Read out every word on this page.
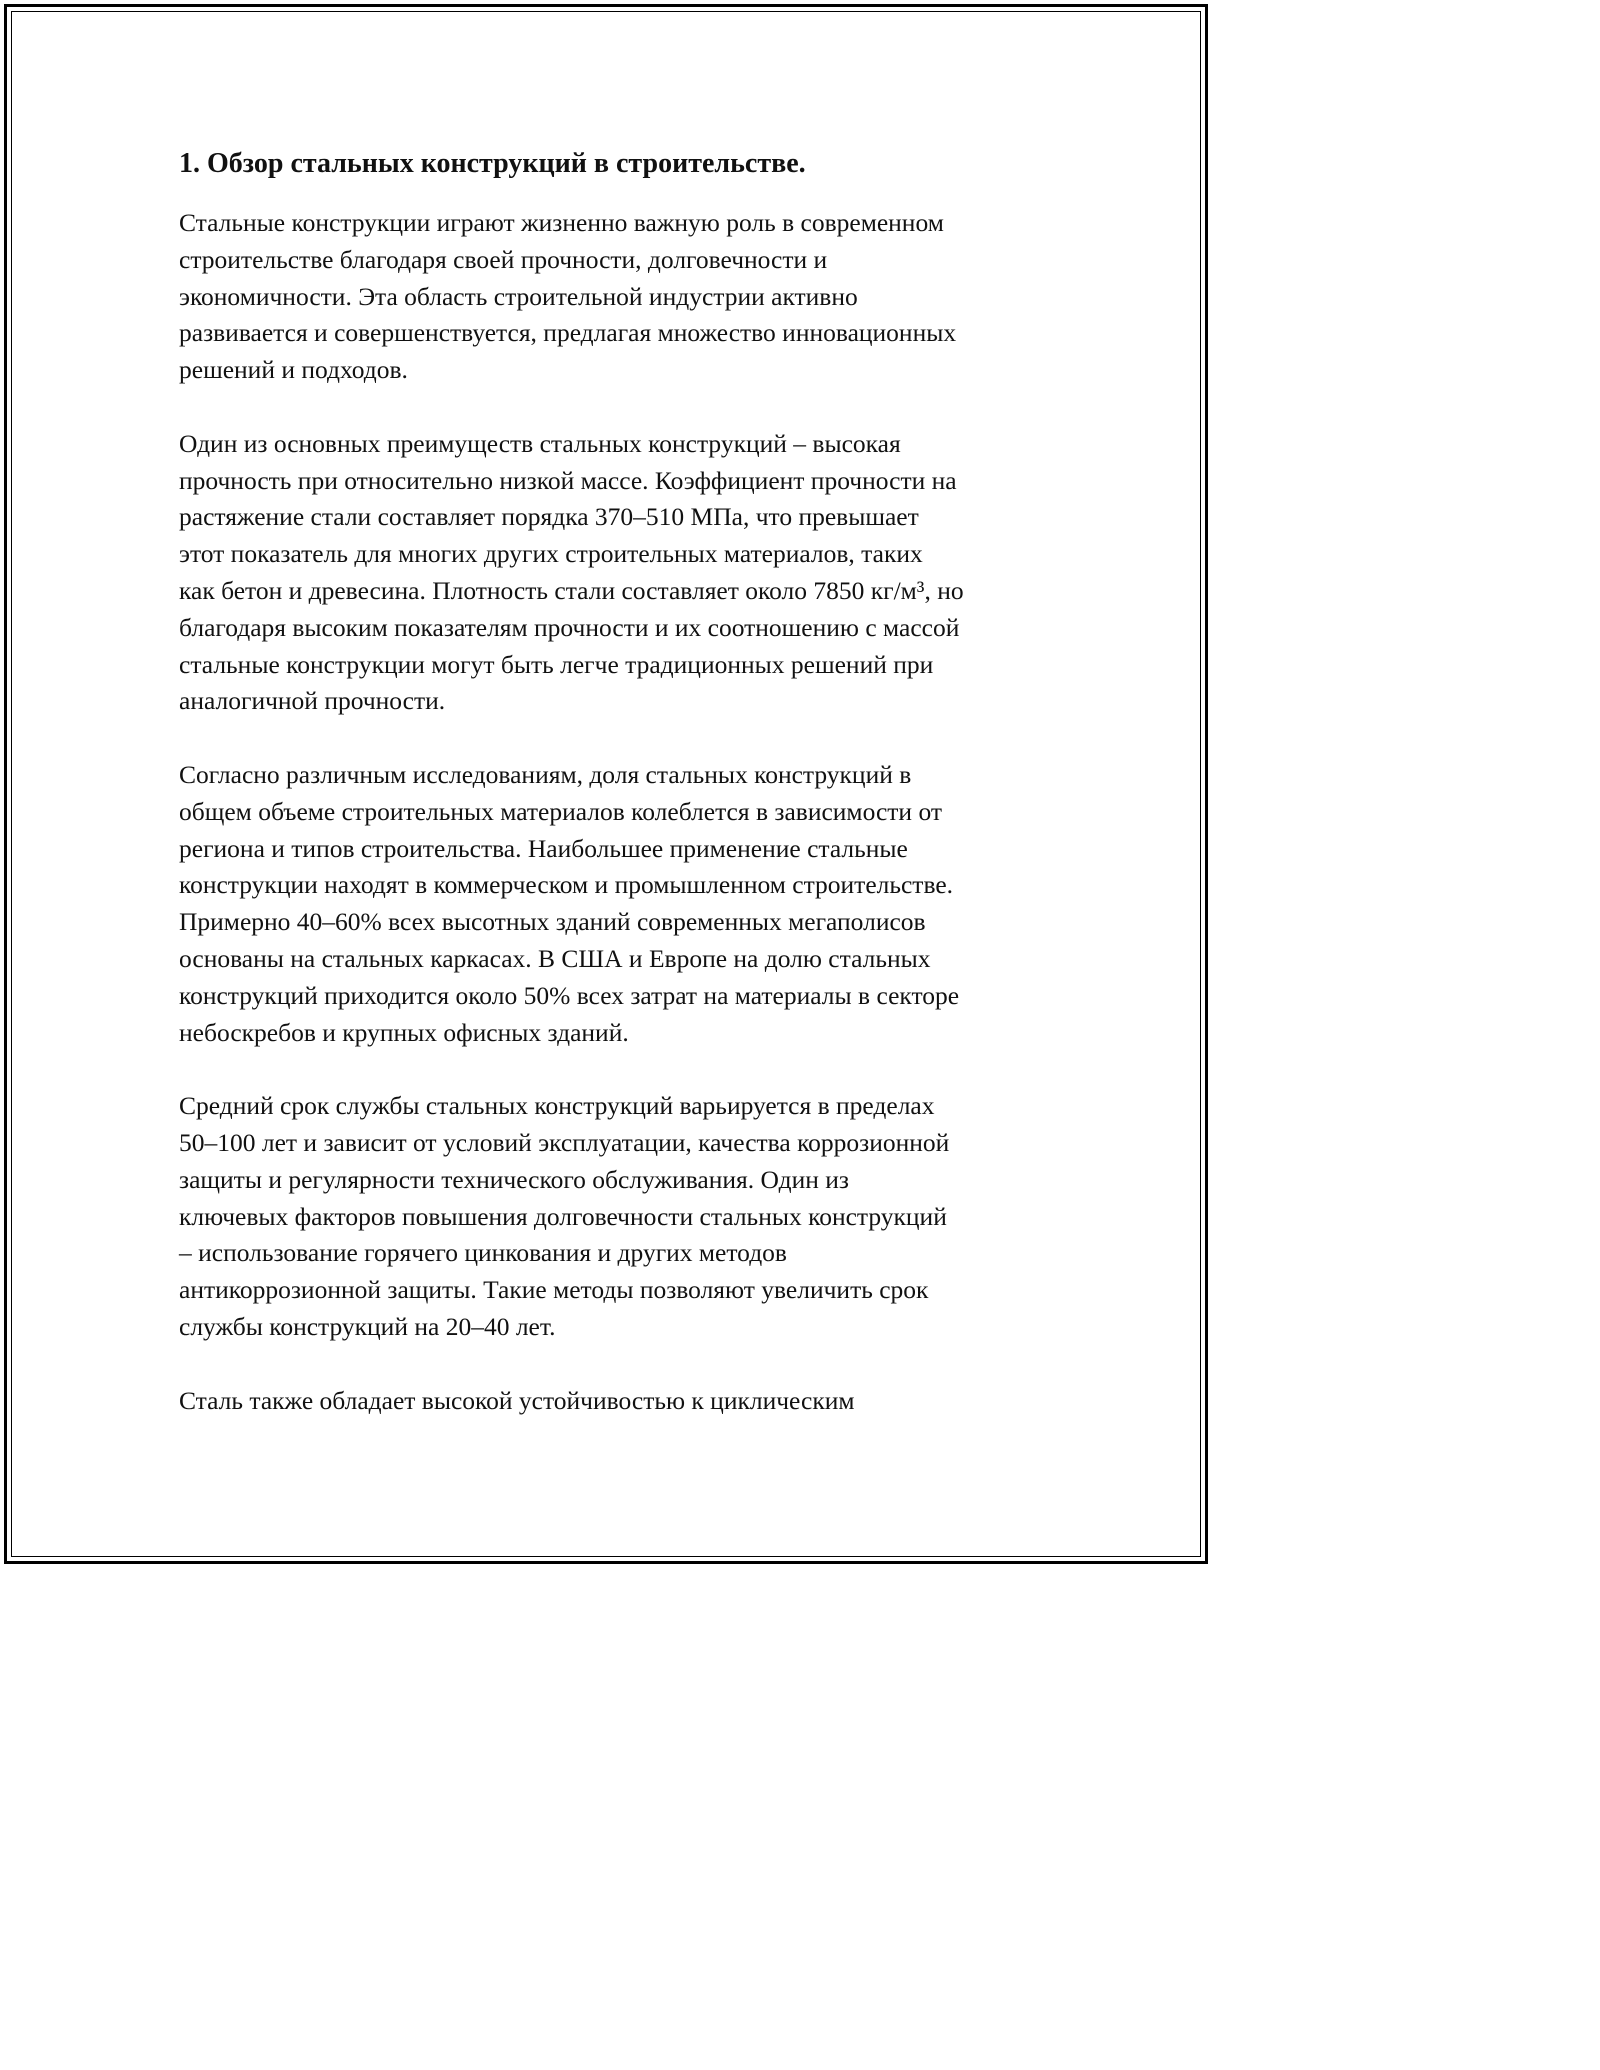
1. Обзор стальных конструкций в строительстве.

Стальные конструкции играют жизненно важную роль в современном
строительстве благодаря своей прочности, долговечности и
экономичности. Эта область строительной индустрии активно
развивается и совершенствуется, предлагая множество инновационных
решений и подходов.

Один из основных преимуществ стальных конструкций – высокая
прочность при относительно низкой массе. Коэффициент прочности на
растяжение стали составляет порядка 370–510 МПа, что превышает
этот показатель для многих других строительных материалов, таких
как бетон и древесина. Плотность стали составляет около 7850 кг/м³, но
благодаря высоким показателям прочности и их соотношению с массой
стальные конструкции могут быть легче традиционных решений при
аналогичной прочности.

Согласно различным исследованиям, доля стальных конструкций в
общем объеме строительных материалов колеблется в зависимости от
региона и типов строительства. Наибольшее применение стальные
конструкции находят в коммерческом и промышленном строительстве.
Примерно 40–60% всех высотных зданий современных мегаполисов
основаны на стальных каркасах. В США и Европе на долю стальных
конструкций приходится около 50% всех затрат на материалы в секторе
небоскребов и крупных офисных зданий.

Средний срок службы стальных конструкций варьируется в пределах
50–100 лет и зависит от условий эксплуатации, качества коррозионной
защиты и регулярности технического обслуживания. Один из
ключевых факторов повышения долговечности стальных конструкций
– использование горячего цинкования и других методов
антикоррозионной защиты. Такие методы позволяют увеличить срок
службы конструкций на 20–40 лет.

Сталь также обладает высокой устойчивостью к циклическим
